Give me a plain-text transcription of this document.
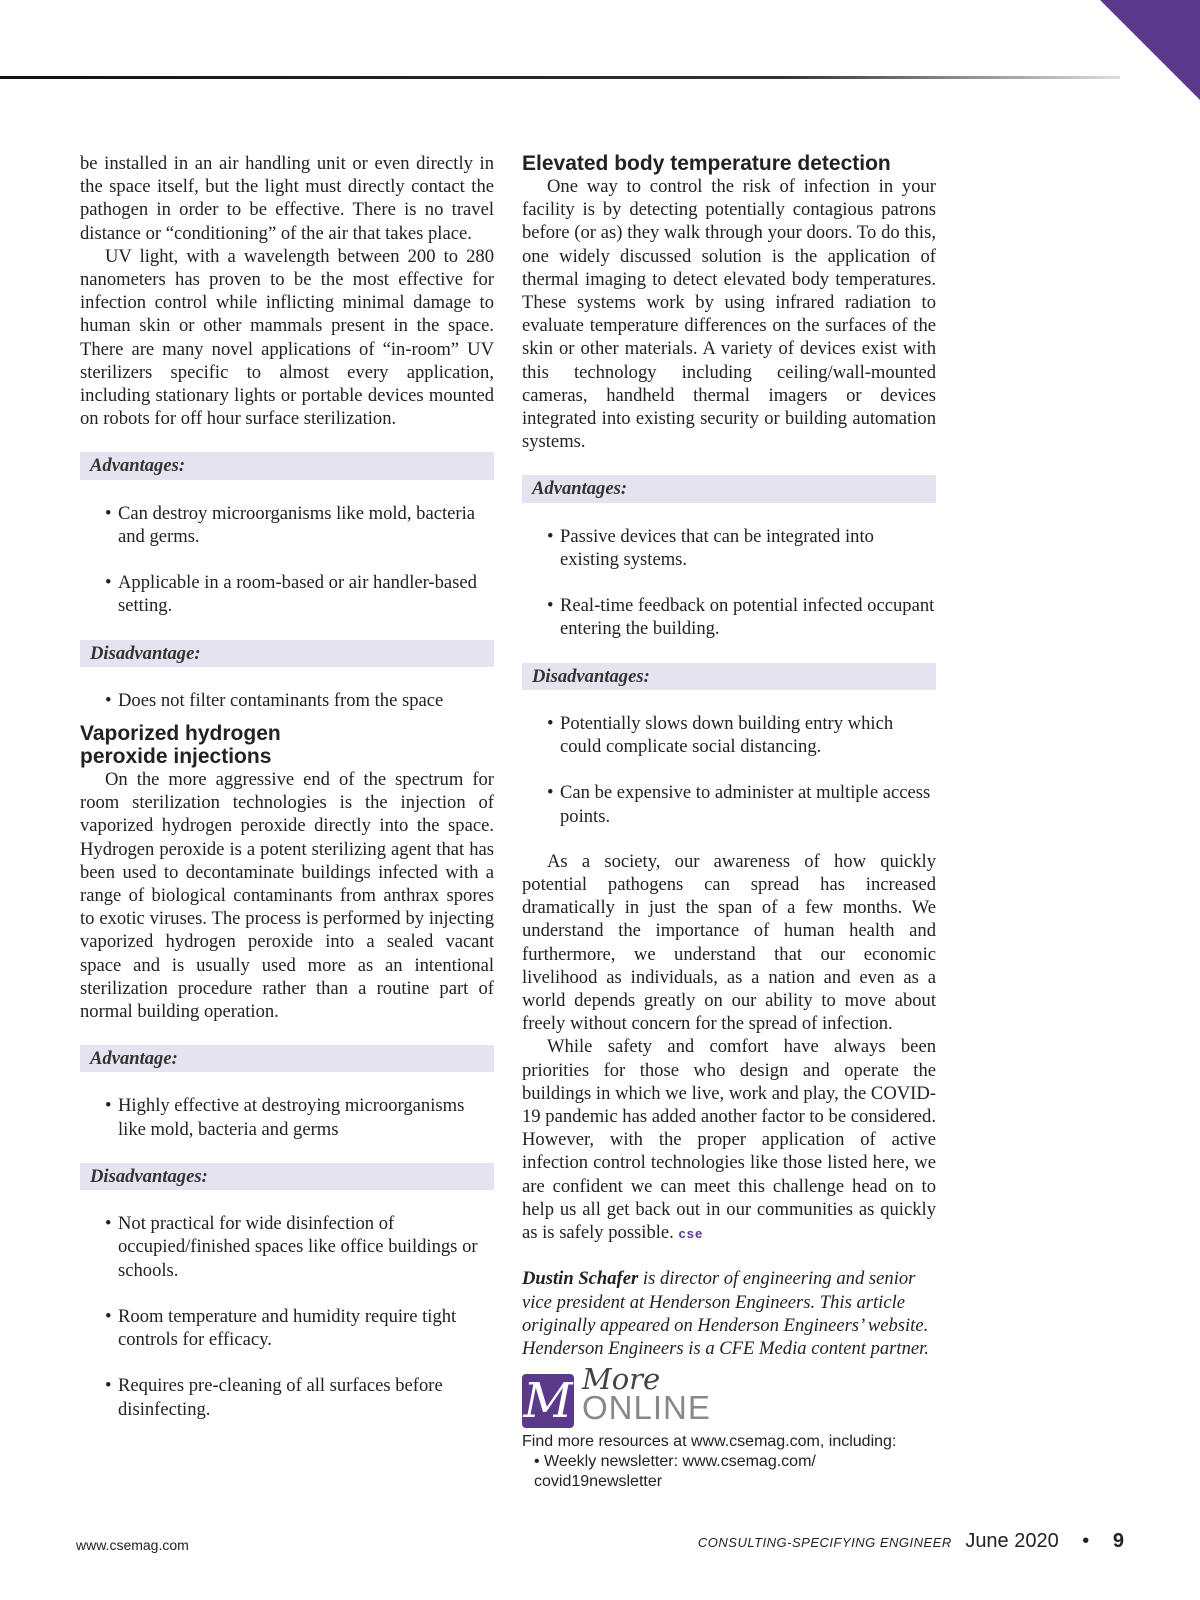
be installed in an air handling unit or even directly in the space itself, but the light must directly contact the pathogen in order to be effective. There is no travel distance or “conditioning” of the air that takes place.

UV light, with a wavelength between 200 to 280 nanometers has proven to be the most effective for infection control while inflicting minimal damage to human skin or other mammals present in the space. There are many novel applications of “in-room” UV sterilizers specific to almost every application, including stationary lights or portable devices mounted on robots for off hour surface sterilization.

Advantages:
• Can destroy microorganisms like mold, bacteria and germs.
• Applicable in a room-based or air handler-based setting.
Disadvantage:
• Does not filter contaminants from the space
Vaporized hydrogen
peroxide injections

On the more aggressive end of the spectrum for room sterilization technologies is the injection of vaporized hydrogen peroxide directly into the space. Hydrogen peroxide is a potent sterilizing agent that has been used to decontaminate buildings infected with a range of biological contaminants from anthrax spores to exotic viruses. The process is performed by injecting vaporized hydrogen peroxide into a sealed vacant space and is usually used more as an intentional sterilization procedure rather than a routine part of normal building operation.

Advantage:
• Highly effective at destroying microorganisms like mold, bacteria and germs
Disadvantages:
• Not practical for wide disinfection of occupied/finished spaces like office buildings or schools.
• Room temperature and humidity require tight controls for efficacy.
• Requires pre-cleaning of all surfaces before disinfecting.
Elevated body temperature detection

One way to control the risk of infection in your facility is by detecting potentially contagious patrons before (or as) they walk through your doors. To do this, one widely discussed solution is the application of thermal imaging to detect elevated body temperatures. These systems work by using infrared radiation to evaluate temperature differences on the surfaces of the skin or other materials. A variety of devices exist with this technology including ceiling/wall-mounted cameras, handheld thermal imagers or devices integrated into existing security or building automation systems.

Advantages:
• Passive devices that can be integrated into existing systems.
• Real-time feedback on potential infected occupant entering the building.
Disadvantages:
• Potentially slows down building entry which could complicate social distancing.
• Can be expensive to administer at multiple access points.

As a society, our awareness of how quickly potential pathogens can spread has increased dramatically in just the span of a few months. We understand the importance of human health and furthermore, we understand that our economic livelihood as individuals, as a nation and even as a world depends greatly on our ability to move about freely without concern for the spread of infection.

While safety and comfort have always been priorities for those who design and operate the buildings in which we live, work and play, the COVID-19 pandemic has added another factor to be considered. However, with the proper application of active infection control technologies like those listed here, we are confident we can meet this challenge head on to help us all get back out in our communities as quickly as is safely possible. cse

Dustin Schafer is director of engineering and senior vice president at Henderson Engineers. This article originally appeared on Henderson Engineers’ website. Henderson Engineers is a CFE Media content partner.

M More
ONLINE
Find more resources at www.csemag.com, including:
• Weekly newsletter: www.csemag.com/
covid19newsletter
www.csemag.com	CONSULTING-SPECIFYING ENGINEER June 2020 • 9
